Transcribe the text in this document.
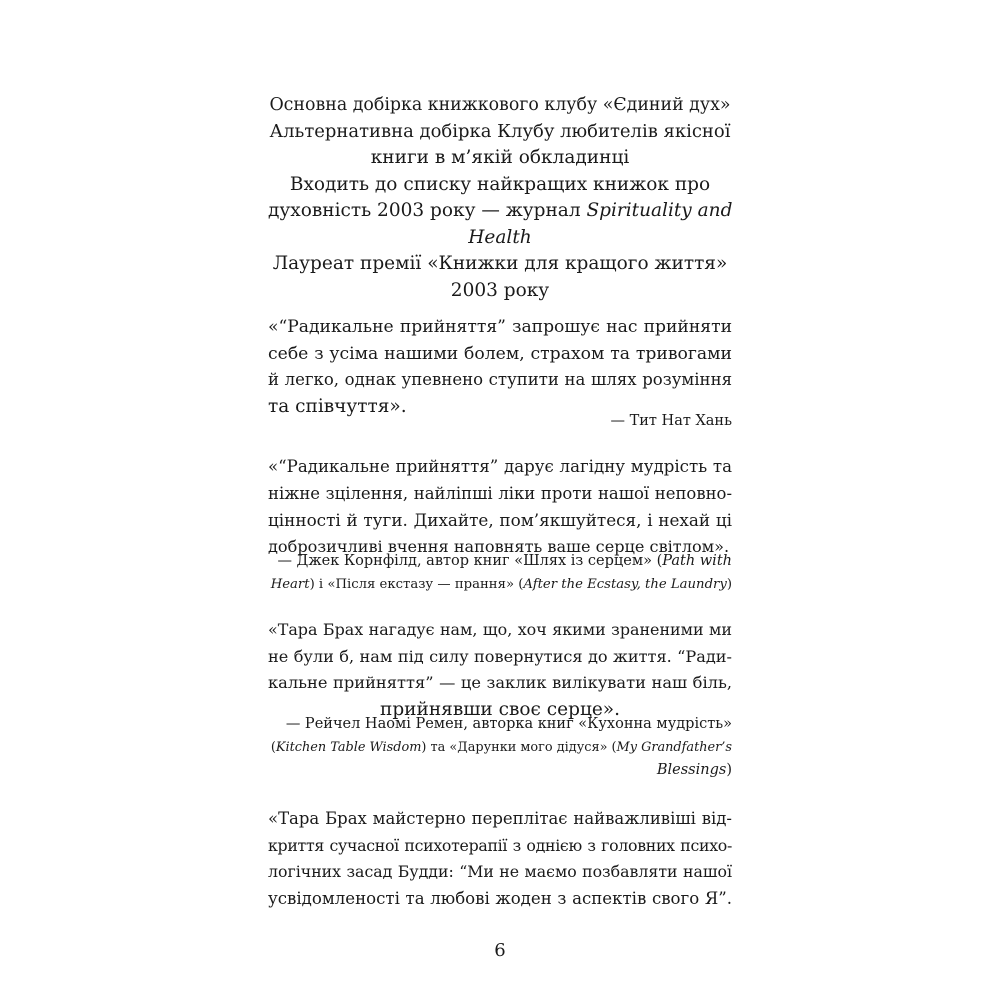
Основна добірка книжкового клубу «Єдиний дух»
Альтернативна добірка Клубу любителів якісної
книги в м’якій обкладинці
Входить до списку найкращих книжок про
духовність 2003 року — журнал Spirituality and
Health
Лауреат премії «Книжки для кращого життя»
2003 року
«“Радикальне прийняття” запрошує нас прийняти
себе з усіма нашими болем, страхом та тривогами
й легко, однак упевнено ступити на шлях розуміння
та співчуття».
— Тит Нат Хань
«“Радикальне прийняття” дарує лагідну мудрість та
ніжне зцілення, найліпші ліки проти нашої неповно-
цінності й туги. Дихайте, пом’якшуйтеся, і нехай ці
доброзичливі вчення наповнять ваше серце світлом».
— Джек Корнфілд, автор книг «Шлях із серцем» (Path with
Heart) і «Після екстазу — прання» (After the Ecstasy, the Laundry)
«Тара Брах нагадує нам, що, хоч якими зраненими ми
не були б, нам під силу повернутися до життя. “Ради-
кальне прийняття” — це заклик вилікувати наш біль,
прийнявши своє серце».
— Рейчел Наомі Ремен, авторка книг «Кухонна мудрість»
(Kitchen Table Wisdom) та «Дарунки мого дідуся» (My Grandfather’s
Blessings)
«Тара Брах майстерно переплітає найважливіші від-
криття сучасної психотерапії з однією з головних психо-
логічних засад Будди: “Ми не маємо позбавляти нашої
усвідомленості та любові жоден з аспектів свого Я”.
6
